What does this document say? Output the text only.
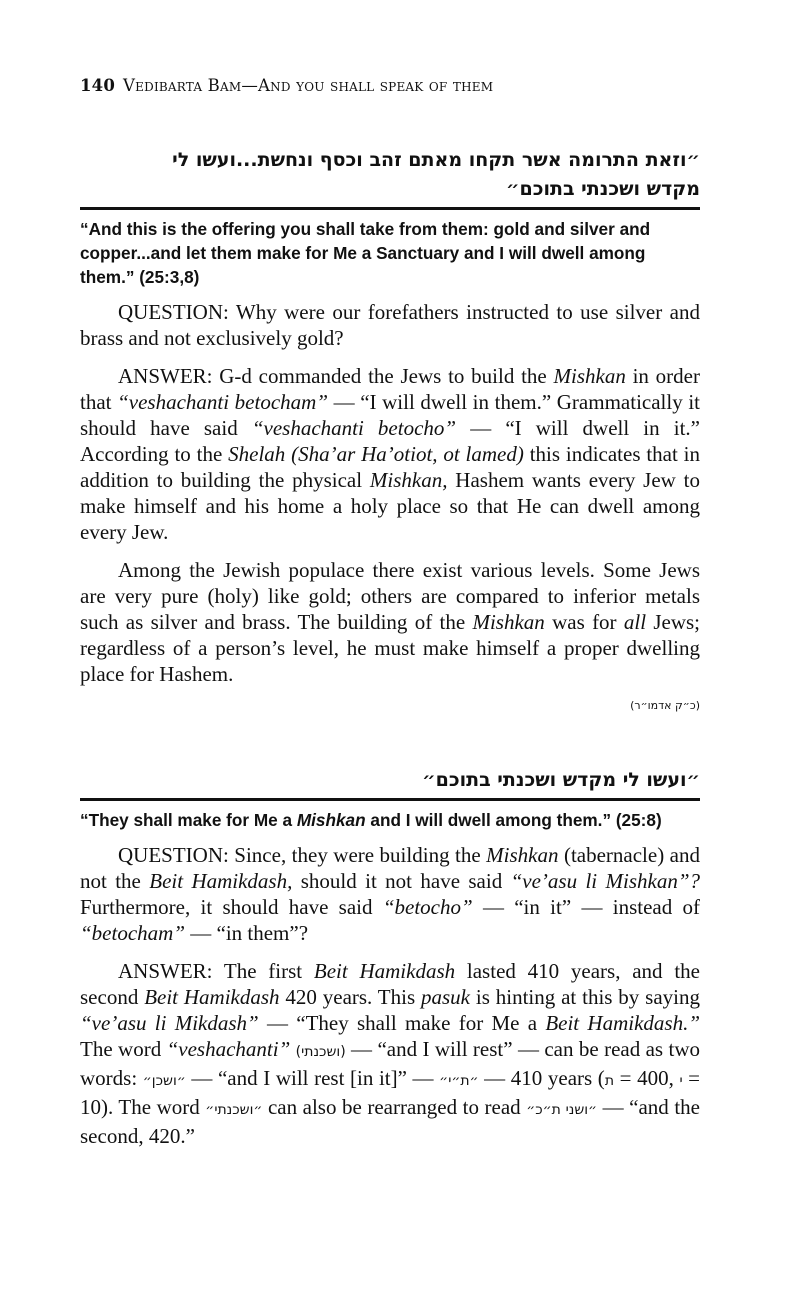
140 Vedibarta Bam—And you shall speak of them
״וזאת התרומה אשר תקחו מאתם זהב וכסף ונחשת...ועשו לי
מקדש ושכנתי בתוכם״
“And this is the offering you shall take from them: gold and silver and copper...and let them make for Me a Sanctuary and I will dwell among them.” (25:3,8)

QUESTION: Why were our forefathers instructed to use silver and brass and not exclusively gold?

ANSWER: G-d commanded the Jews to build the Mishkan in order that “veshachanti betocham” — “I will dwell in them.” Grammatically it should have said “veshachanti betocho” — “I will dwell in it.” According to the Shelah (Sha’ar Ha’otiot, ot lamed) this indicates that in addition to building the physical Mishkan, Hashem wants every Jew to make himself and his home a holy place so that He can dwell among every Jew.

Among the Jewish populace there exist various levels. Some Jews are very pure (holy) like gold; others are compared to inferior metals such as silver and brass. The building of the Mishkan was for all Jews; regardless of a person’s level, he must make himself a proper dwelling place for Hashem.

(כ״ק אדמו״ר)
״ועשו לי מקדש ושכנתי בתוכם״
“They shall make for Me a Mishkan and I will dwell among them.” (25:8)

QUESTION: Since, they were building the Mishkan (tabernacle) and not the Beit Hamikdash, should it not have said “ve’asu li Mishkan”? Furthermore, it should have said “betocho” — “in it” — instead of “betocham” — “in them”?

ANSWER: The first Beit Hamikdash lasted 410 years, and the second Beit Hamikdash 420 years. This pasuk is hinting at this by saying “ve’asu li Mikdash” — “They shall make for Me a Beit Hamikdash.” The word “veshachanti” (ושכנתי) — “and I will rest” — can be read as two words: ״ושכן״ — “and I will rest [in it]” — ״ת״י״ — 410 years (ת = 400, י = 10). The word ״ושכנתי״ can also be rearranged to read ״ושני ת״כ״ — “and the second, 420.”
